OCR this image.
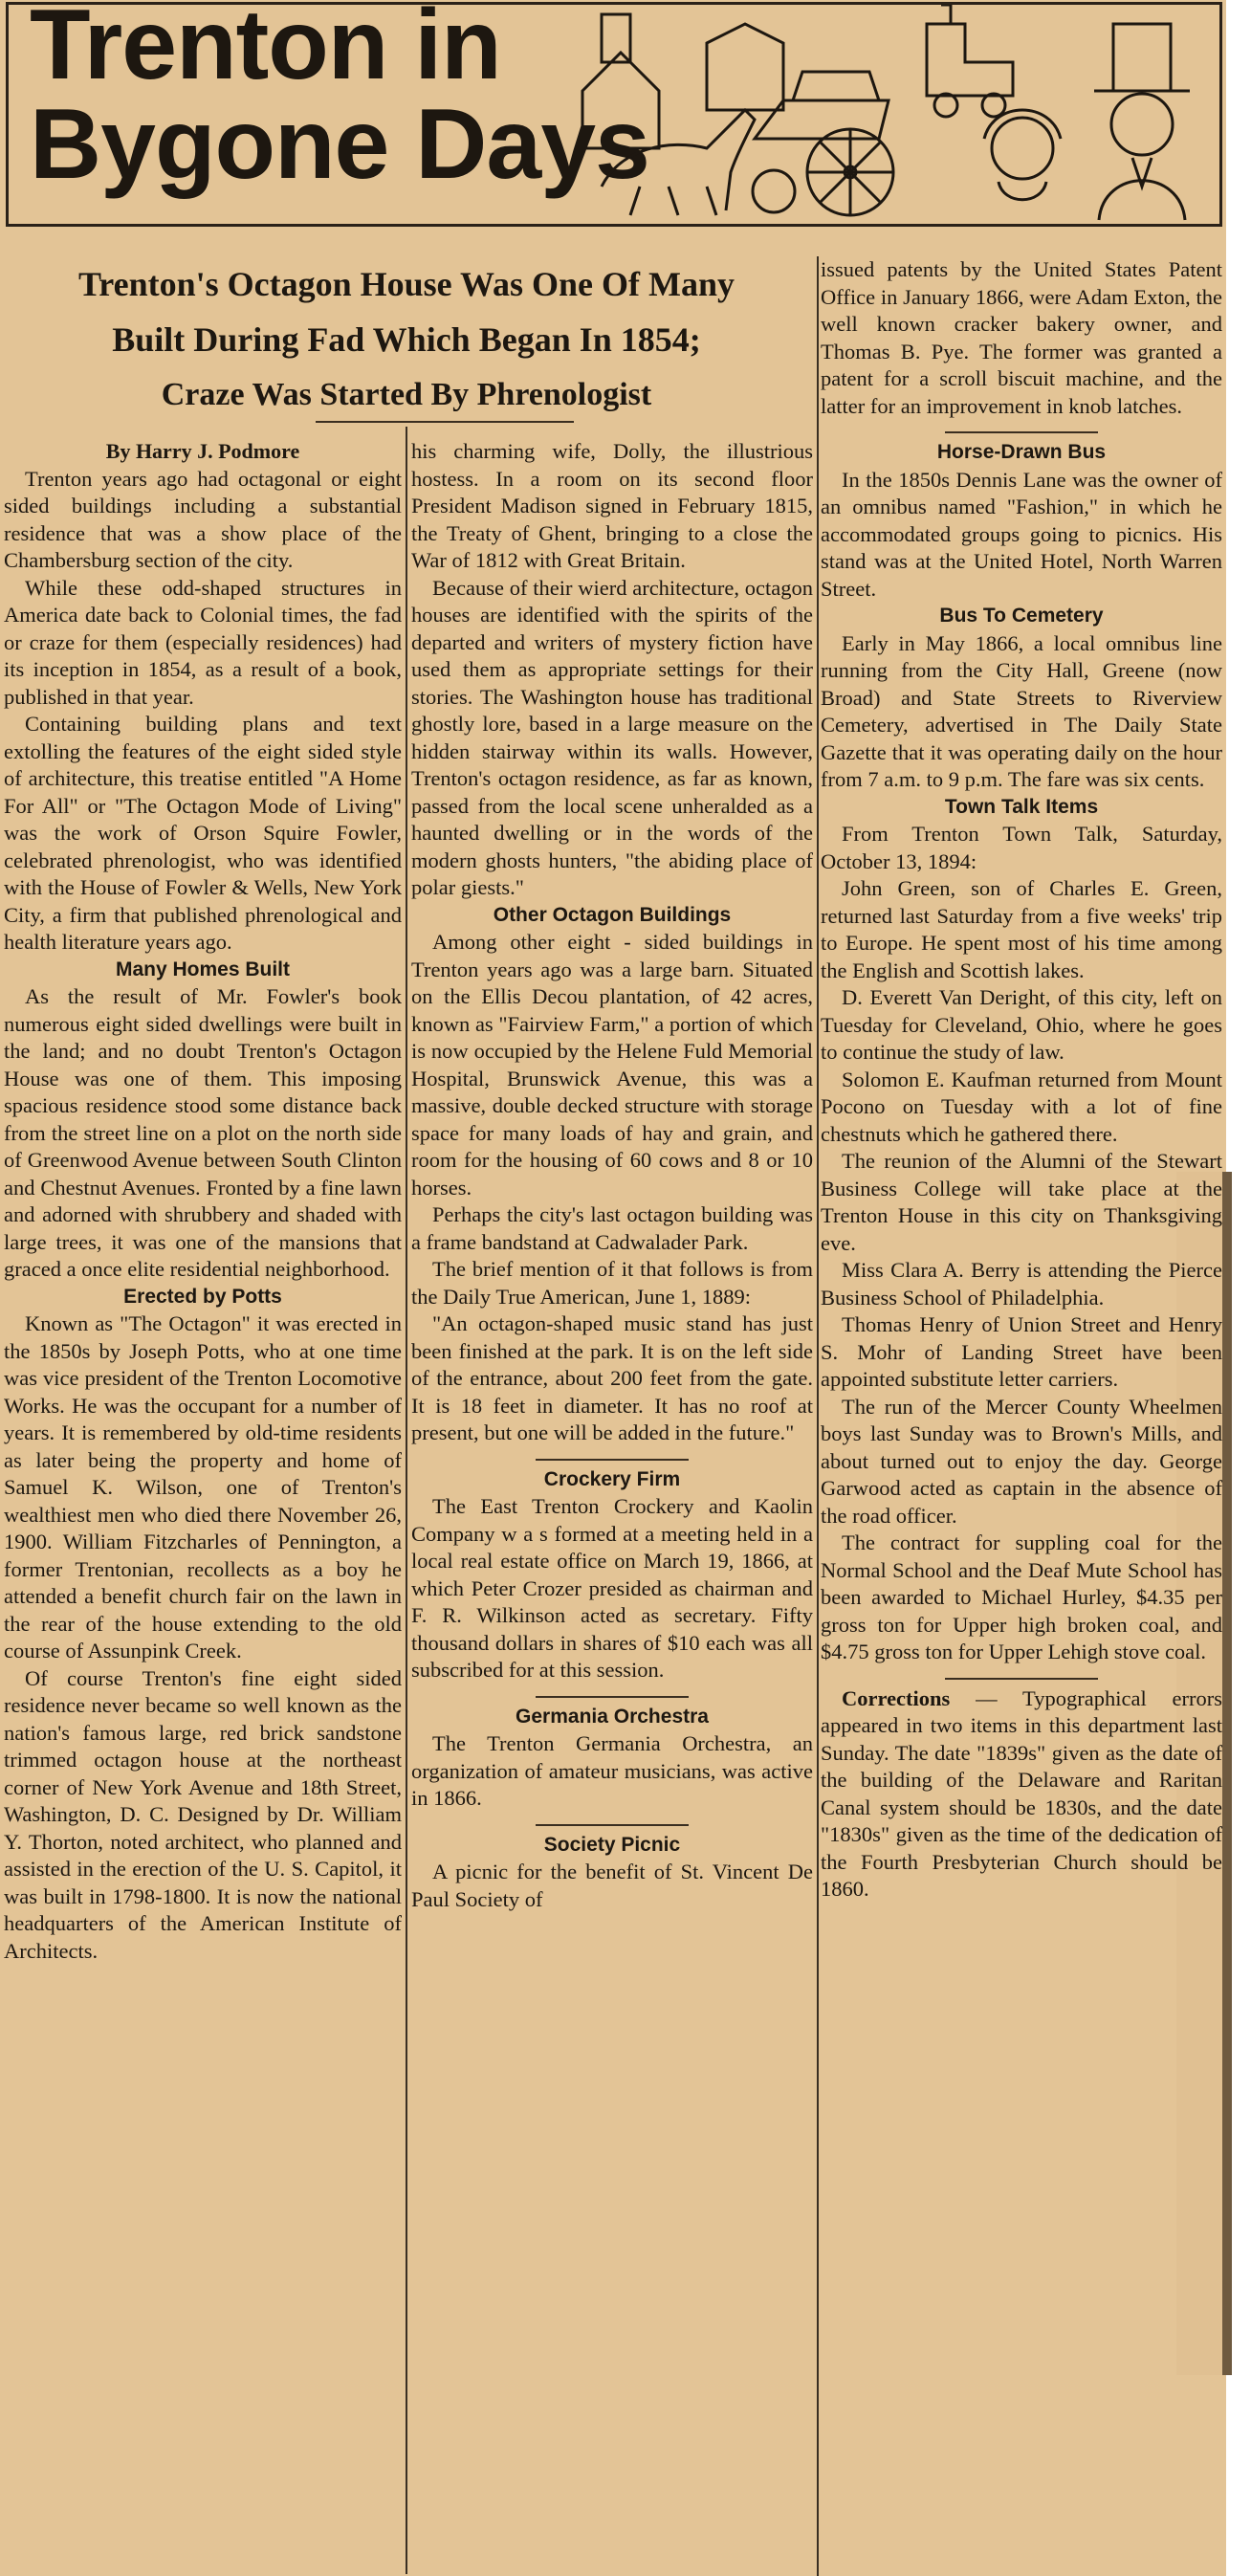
Trenton in
Bygone Days
Trenton's Octagon House Was One Of Many
Built During Fad Which Began In 1854;
Craze Was Started By Phrenologist

By Harry J. Podmore

Trenton years ago had octagonal or eight sided buildings including a substantial residence that was a show place of the Chambersburg section of the city.

While these odd-shaped structures in America date back to Colonial times, the fad or craze for them (especially residences) had its inception in 1854, as a result of a book, published in that year.

Containing building plans and text extolling the features of the eight sided style of architecture, this treatise entitled "A Home For All" or "The Octagon Mode of Living" was the work of Orson Squire Fowler, celebrated phrenologist, who was identified with the House of Fowler & Wells, New York City, a firm that published phrenological and health literature years ago.

Many Homes Built

As the result of Mr. Fowler's book numerous eight sided dwellings were built in the land; and no doubt Trenton's Octagon House was one of them. This imposing spacious residence stood some distance back from the street line on a plot on the north side of Greenwood Avenue between South Clinton and Chestnut Avenues. Fronted by a fine lawn and adorned with shrubbery and shaded with large trees, it was one of the mansions that graced a once elite residential neighborhood.

Erected by Potts

Known as "The Octagon" it was erected in the 1850s by Joseph Potts, who at one time was vice president of the Trenton Locomotive Works. He was the occupant for a number of years. It is remembered by old-time residents as later being the property and home of Samuel K. Wilson, one of Trenton's wealthiest men who died there November 26, 1900. William Fitzcharles of Pennington, a former Trentonian, recollects as a boy he attended a benefit church fair on the lawn in the rear of the house extending to the old course of Assunpink Creek.

Of course Trenton's fine eight sided residence never became so well known as the nation's famous large, red brick sandstone trimmed octagon house at the northeast corner of New York Avenue and 18th Street, Washington, D. C. Designed by Dr. William Y. Thorton, noted architect, who planned and assisted in the erection of the U. S. Capitol, it was built in 1798-1800. It is now the national headquarters of the American Institute of Architects.

his charming wife, Dolly, the illustrious hostess. In a room on its second floor President Madison signed in February 1815, the Treaty of Ghent, bringing to a close the War of 1812 with Great Britain.

Because of their wierd architecture, octagon houses are identified with the spirits of the departed and writers of mystery fiction have used them as appropriate settings for their stories. The Washington house has traditional ghostly lore, based in a large measure on the hidden stairway within its walls. However, Trenton's octagon residence, as far as known, passed from the local scene unheralded as a haunted dwelling or in the words of the modern ghosts hunters, "the abiding place of polar giests."

Other Octagon Buildings

Among other eight - sided buildings in Trenton years ago was a large barn. Situated on the Ellis Decou plantation, of 42 acres, known as "Fairview Farm," a portion of which is now occupied by the Helene Fuld Memorial Hospital, Brunswick Avenue, this was a massive, double decked structure with storage space for many loads of hay and grain, and room for the housing of 60 cows and 8 or 10 horses.

Perhaps the city's last octagon building was a frame bandstand at Cadwalader Park.

The brief mention of it that follows is from the Daily True American, June 1, 1889:

"An octagon-shaped music stand has just been finished at the park. It is on the left side of the entrance, about 200 feet from the gate. It is 18 feet in diameter. It has no roof at present, but one will be added in the future."

Crockery Firm

The East Trenton Crockery and Kaolin Company w a s formed at a meeting held in a local real estate office on March 19, 1866, at which Peter Crozer presided as chairman and F. R. Wilkinson acted as secretary. Fifty thousand dollars in shares of $10 each was all subscribed for at this session.

Germania Orchestra

The Trenton Germania Orchestra, an organization of amateur musicians, was active in 1866.

Society Picnic

A picnic for the benefit of St. Vincent De Paul Society of

issued patents by the United States Patent Office in January 1866, were Adam Exton, the well known cracker bakery owner, and Thomas B. Pye. The former was granted a patent for a scroll biscuit machine, and the latter for an improvement in knob latches.

Horse-Drawn Bus

In the 1850s Dennis Lane was the owner of an omnibus named "Fashion," in which he accommodated groups going to picnics. His stand was at the United Hotel, North Warren Street.

Bus To Cemetery

Early in May 1866, a local omnibus line running from the City Hall, Greene (now Broad) and State Streets to Riverview Cemetery, advertised in The Daily State Gazette that it was operating daily on the hour from 7 a.m. to 9 p.m. The fare was six cents.

Town Talk Items

From Trenton Town Talk, Saturday, October 13, 1894:

John Green, son of Charles E. Green, returned last Saturday from a five weeks' trip to Europe. He spent most of his time among the English and Scottish lakes.

D. Everett Van Deright, of this city, left on Tuesday for Cleveland, Ohio, where he goes to continue the study of law.

Solomon E. Kaufman returned from Mount Pocono on Tuesday with a lot of fine chestnuts which he gathered there.

The reunion of the Alumni of the Stewart Business College will take place at the Trenton House in this city on Thanksgiving eve.

Miss Clara A. Berry is attending the Pierce Business School of Philadelphia.

Thomas Henry of Union Street and Henry S. Mohr of Landing Street have been appointed substitute letter carriers.

The run of the Mercer County Wheelmen boys last Sunday was to Brown's Mills, and about turned out to enjoy the day. George Garwood acted as captain in the absence of the road officer.

The contract for suppling coal for the Normal School and the Deaf Mute School has been awarded to Michael Hurley, $4.35 per gross ton for Upper high broken coal, and $4.75 gross ton for Upper Lehigh stove coal.

Corrections — Typographical errors appeared in two items in this department last Sunday. The date "1839s" given as the date of the building of the Delaware and Raritan Canal system should be 1830s, and the date "1830s" given as the time of the dedication of the Fourth Presbyterian Church should be 1860.
